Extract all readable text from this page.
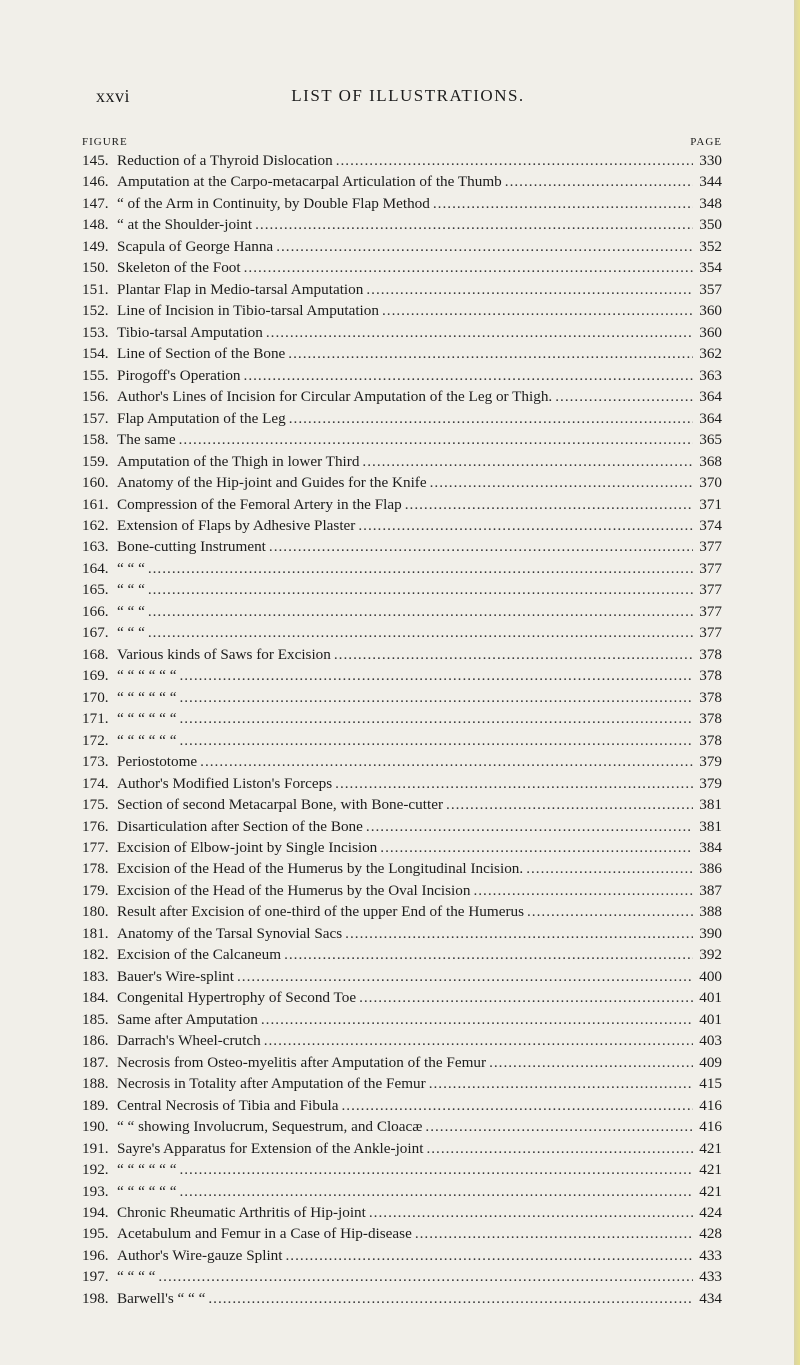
xxvi	LIST OF ILLUSTRATIONS.
FIGURE	PAGE
145. Reduction of a Thyroid Dislocation .....	330
146. Amputation at the Carpo-metacarpal Articulation of the Thumb .....	344
147. “ of the Arm in Continuity, by Double Flap Method .....	348
148. “ at the Shoulder-joint .....	350
149. Scapula of George Hanna .....	352
150. Skeleton of the Foot .....	354
151. Plantar Flap in Medio-tarsal Amputation .....	357
152. Line of Incision in Tibio-tarsal Amputation .....	360
153. Tibio-tarsal Amputation .....	360
154. Line of Section of the Bone .....	362
155. Pirogoff's Operation .....	363
156. Author's Lines of Incision for Circular Amputation of the Leg or Thigh. .....	364
157. Flap Amputation of the Leg .....	364
158. The same .....	365
159. Amputation of the Thigh in lower Third .....	368
160. Anatomy of the Hip-joint and Guides for the Knife .....	370
161. Compression of the Femoral Artery in the Flap .....	371
162. Extension of Flaps by Adhesive Plaster .....	374
163. Bone-cutting Instrument .....	377
164. “ “ “ .....	377
165. “ “ “ .....	377
166. “ “ “ .....	377
167. “ “ “ .....	377
168. Various kinds of Saws for Excision .....	378
169. “ “ “ “ “ “ .....	378
170. “ “ “ “ “ “ .....	378
171. “ “ “ “ “ “ .....	378
172. “ “ “ “ “ “ .....	378
173. Periostotome .....	379
174. Author's Modified Liston's Forceps .....	379
175. Section of second Metacarpal Bone, with Bone-cutter .....	381
176. Disarticulation after Section of the Bone .....	381
177. Excision of Elbow-joint by Single Incision .....	384
178. Excision of the Head of the Humerus by the Longitudinal Incision. .....	386
179. Excision of the Head of the Humerus by the Oval Incision .....	387
180. Result after Excision of one-third of the upper End of the Humerus .....	388
181. Anatomy of the Tarsal Synovial Sacs .....	390
182. Excision of the Calcaneum .....	392
183. Bauer's Wire-splint .....	400
184. Congenital Hypertrophy of Second Toe .....	401
185. Same after Amputation .....	401
186. Darrach's Wheel-crutch .....	403
187. Necrosis from Osteo-myelitis after Amputation of the Femur .....	409
188. Necrosis in Totality after Amputation of the Femur .....	415
189. Central Necrosis of Tibia and Fibula .....	416
190. “ “ showing Involucrum, Sequestrum, and Cloacæ .....	416
191. Sayre's Apparatus for Extension of the Ankle-joint .....	421
192. “ “ “ “ “ “ .....	421
193. “ “ “ “ “ “ .....	421
194. Chronic Rheumatic Arthritis of Hip-joint .....	424
195. Acetabulum and Femur in a Case of Hip-disease .....	428
196. Author's Wire-gauze Splint .....	433
197. “ “ “ “ .....	433
198. Barwell's “ “ “ .....	434
